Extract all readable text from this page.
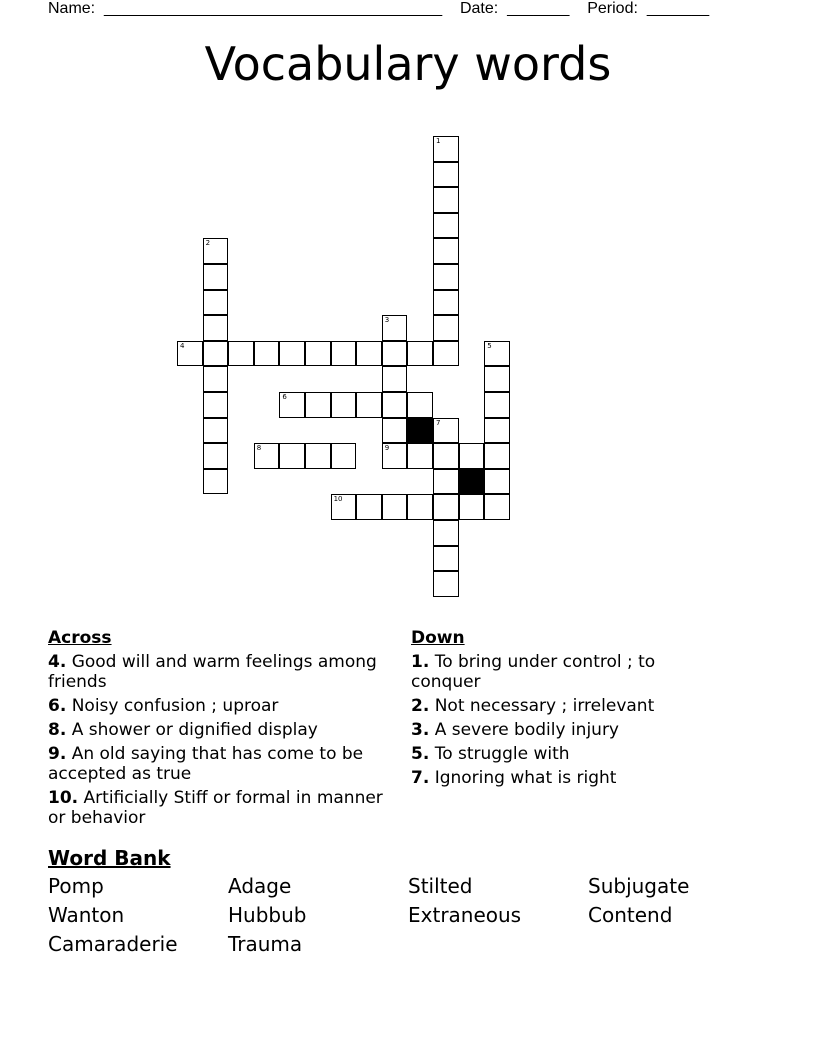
Name: ______________________________________ Date: _______ Period: _______
Vocabulary words
4
6
8	9
10
1
2
3
5
7
Across
4. Good will and warm feelings among friends
6. Noisy confusion ; uproar
8. A shower or dignified display
9. An old saying that has come to be accepted as true
10. Artificially Stiff or formal in manner or behavior
Down
1. To bring under control ; to conquer
2. Not necessary ; irrelevant
3. A severe bodily injury
5. To struggle with
7. Ignoring what is right
Word Bank
Pomp	Adage	Stilted	Subjugate
Wanton	Hubbub	Extraneous	Contend
Camaraderie	Trauma
